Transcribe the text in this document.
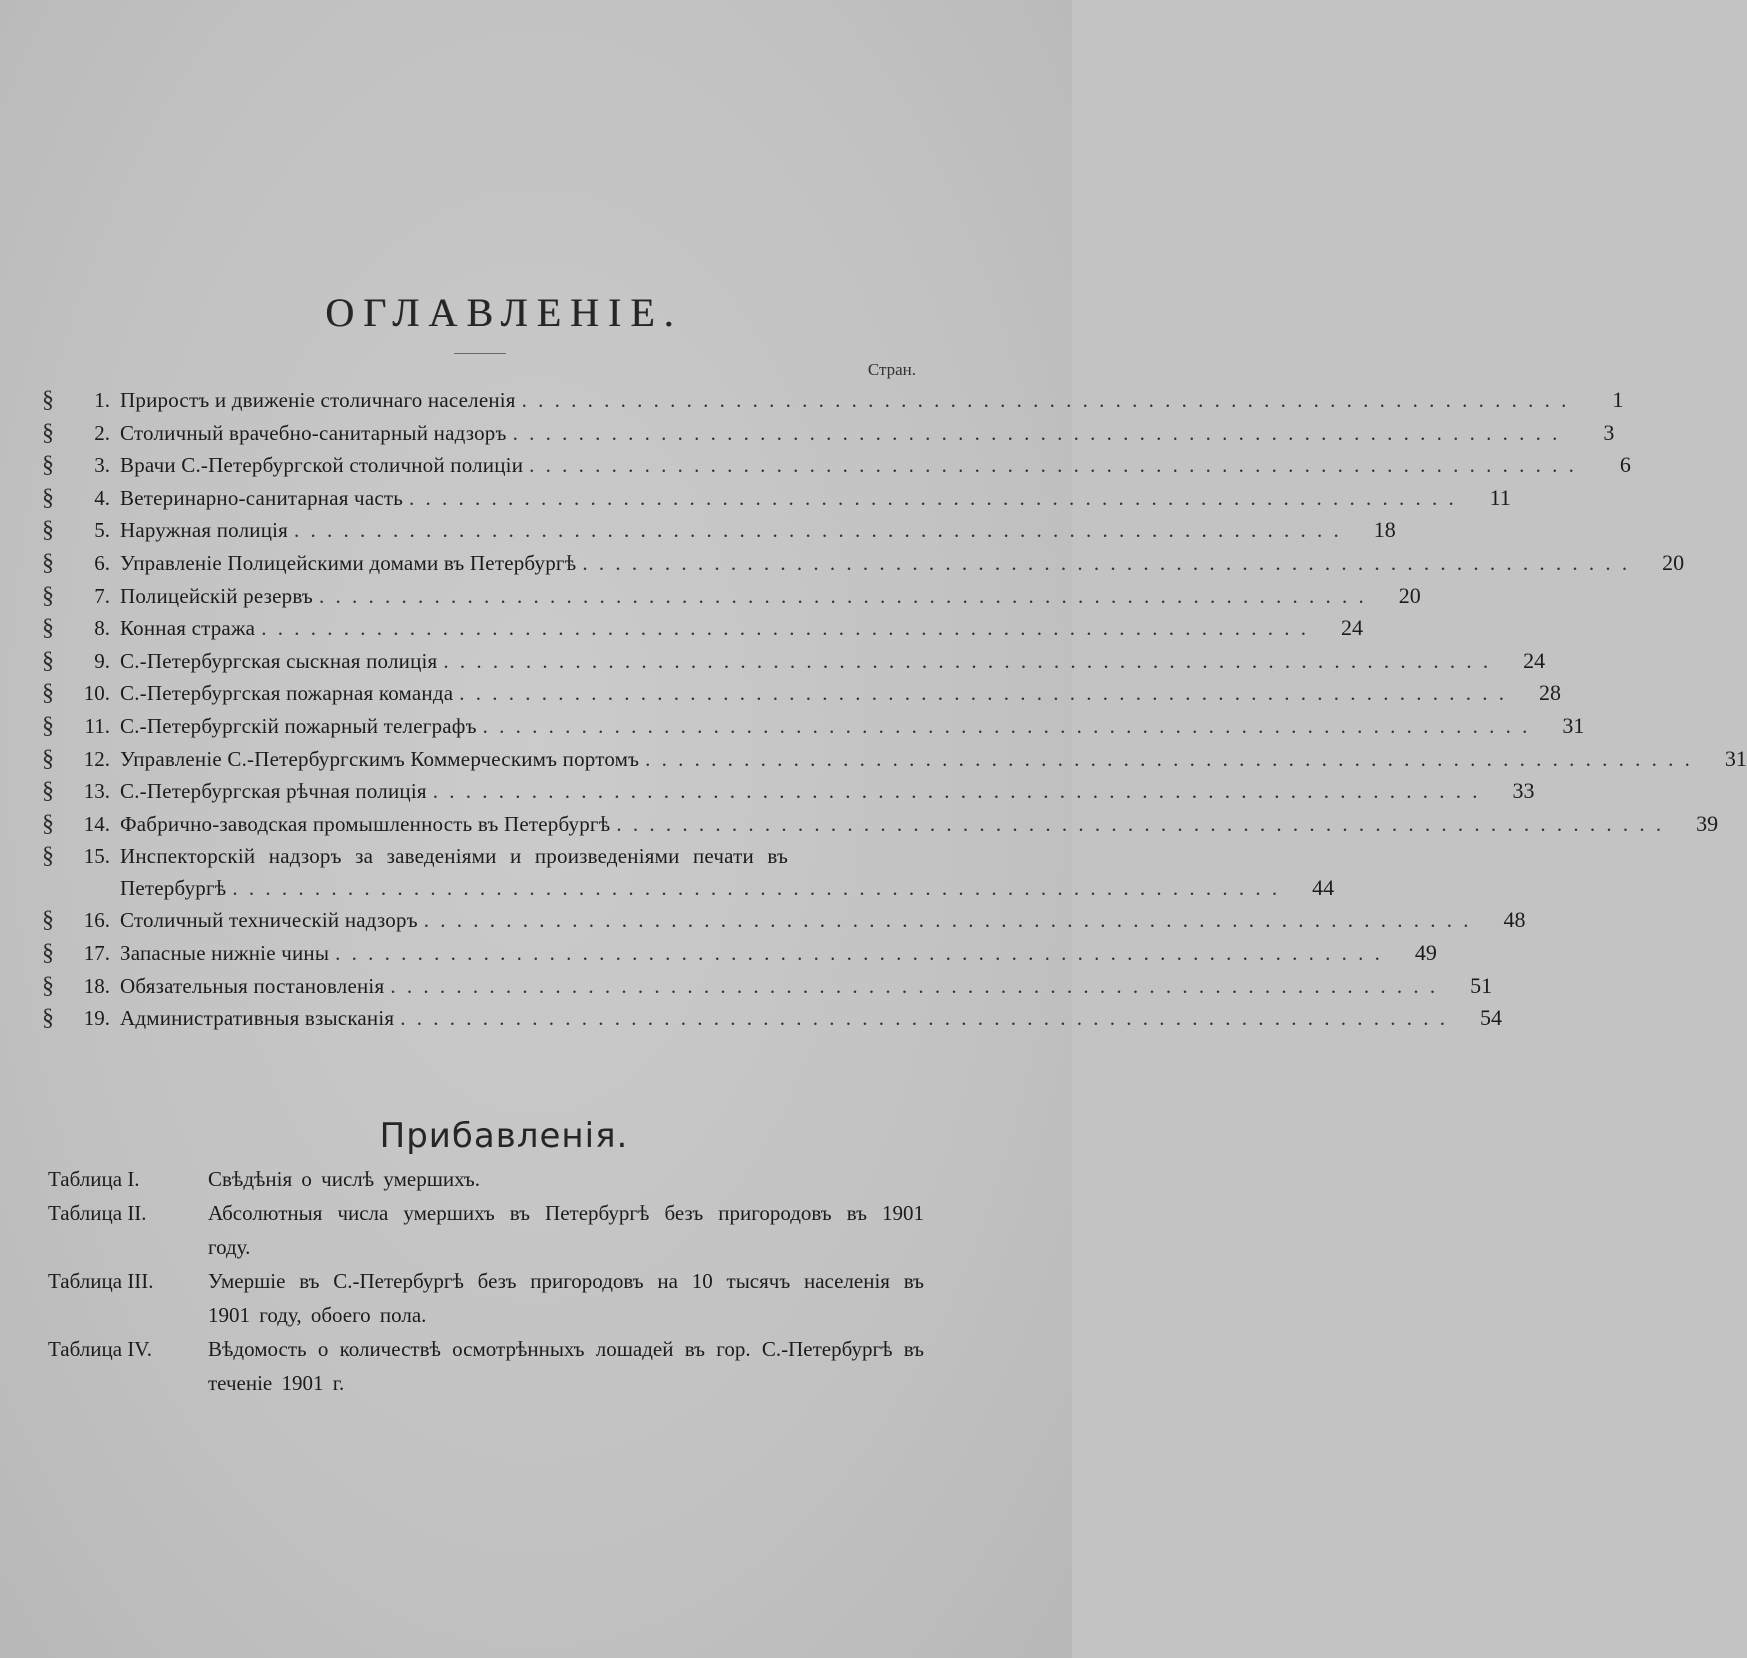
ОГЛАВЛЕНІЕ.
Стран.
§	1. Приростъ и движеніе столичнаго населенія . . .	1
§	2. Столичный врачебно-санитарный надзоръ . . .	3
§	3. Врачи С.-Петербургской столичной полиціи . . .	6
§	4. Ветеринарно-санитарная часть . . .	11
§	5. Наружная полиція . . .	18
§	6. Управленіе Полицейскими домами въ Петербургѣ . . .	20
§	7. Полицейскій резервъ . . .	20
§	8. Конная стража . . .	24
§	9. С.-Петербургская сыскная полиція . . .	24
§	10. С.-Петербургская пожарная команда . . .	28
§	11. С.-Петербургскій пожарный телеграфъ . . .	31
§	12. Управленіе С.-Петербургскимъ Коммерческимъ портомъ . . .	31
§	13. С.-Петербургская рѣчная полиція . . .	33
§	14. Фабрично-заводская промышленность въ Петербургѣ . . .	39
§	15. Инспекторскій надзоръ за заведеніями и произведеніями печати въ
Петербургѣ . . .	44
§	16. Столичный техническій надзоръ . . .	48
§	17. Запасные нижніе чины . . .	49
§	18. Обязательныя постановленія . . .	51
§	19. Административныя взысканія . . .	54
Прибавленія.
Таблица I.	Свѣдѣнія о числѣ умершихъ.
Таблица II.	Абсолютныя числа умершихъ въ Петербургѣ безъ пригородовъ въ 1901 году.
Таблица III.	Умершіе въ С.-Петербургѣ безъ пригородовъ на 10 тысячъ населенія въ 1901 году, обоего пола.
Таблица IV.	Вѣдомость о количествѣ осмотрѣнныхъ лошадей въ гор. С.-Петербургѣ въ теченіе 1901 г.
